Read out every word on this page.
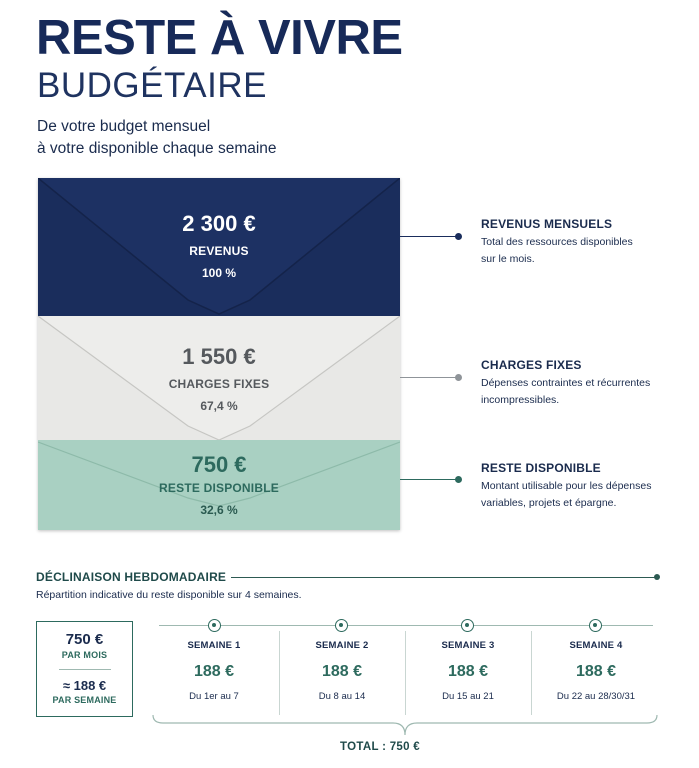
RESTE À VIVRE
BUDGÉTAIRE
De votre budget mensuel
à votre disponible chaque semaine
750 €
RESTE DISPONIBLE
32,6 %
1 550 €
CHARGES FIXES
67,4 %
2 300 €
REVENUS
100 %
REVENUS MENSUELS
Total des ressources disponibles
sur le mois.
CHARGES FIXES
Dépenses contraintes et récurrentes
incompressibles.
RESTE DISPONIBLE
Montant utilisable pour les dépenses
variables, projets et épargne.
DÉCLINAISON HEBDOMADAIRE
Répartition indicative du reste disponible sur 4 semaines.
750 €
PAR MOIS
≈ 188 €
PAR SEMAINE
SEMAINE 1
188 €
Du 1er au 7
SEMAINE 2
188 €
Du 8 au 14
SEMAINE 3
188 €
Du 15 au 21
SEMAINE 4
188 €
Du 22 au 28/30/31
TOTAL : 750 €
